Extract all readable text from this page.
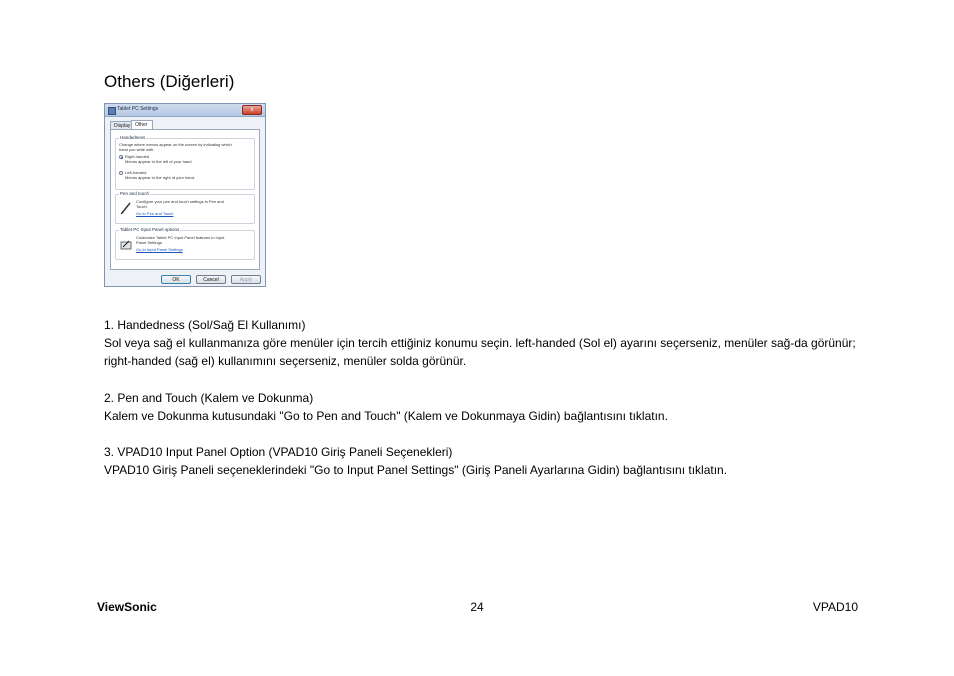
Others (Diğerleri)
Tablet PC Settings	x
Display Other
Handedness
Change where menus appear on the screen by indicating which
hand you write with.
Right-handed
Menus appear to the left of your hand.
Left-handed
Menus appear to the right of your hand.
Pen and touch
Configure your pen and touch settings in Pen and
Touch.
Go to Pen and Touch
Tablet PC Input Panel options
Customize Tablet PC Input Panel features in Input
Panel Settings.
Go to Input Panel Settings
OK	Cancel	Apply

1. Handedness (Sol/Sağ El Kullanımı)

Sol veya sağ el kullanmanıza göre menüler için tercih ettiğiniz konumu seçin. left-handed (Sol el) ayarını seçerseniz, menüler sağ-da görünür; right-handed (sağ el) kullanımını seçerseniz, menüler solda görünür.

2. Pen and Touch (Kalem ve Dokunma)

Kalem ve Dokunma kutusundaki "Go to Pen and Touch" (Kalem ve Dokunmaya Gidin) bağlantısını tıklatın.

3. VPAD10 Input Panel Option (VPAD10 Giriş Paneli Seçenekleri)

VPAD10 Giriş Paneli seçeneklerindeki "Go to Input Panel Settings" (Giriş Paneli Ayarlarına Gidin) bağlantısını tıklatın.

ViewSonic	24	VPAD10
